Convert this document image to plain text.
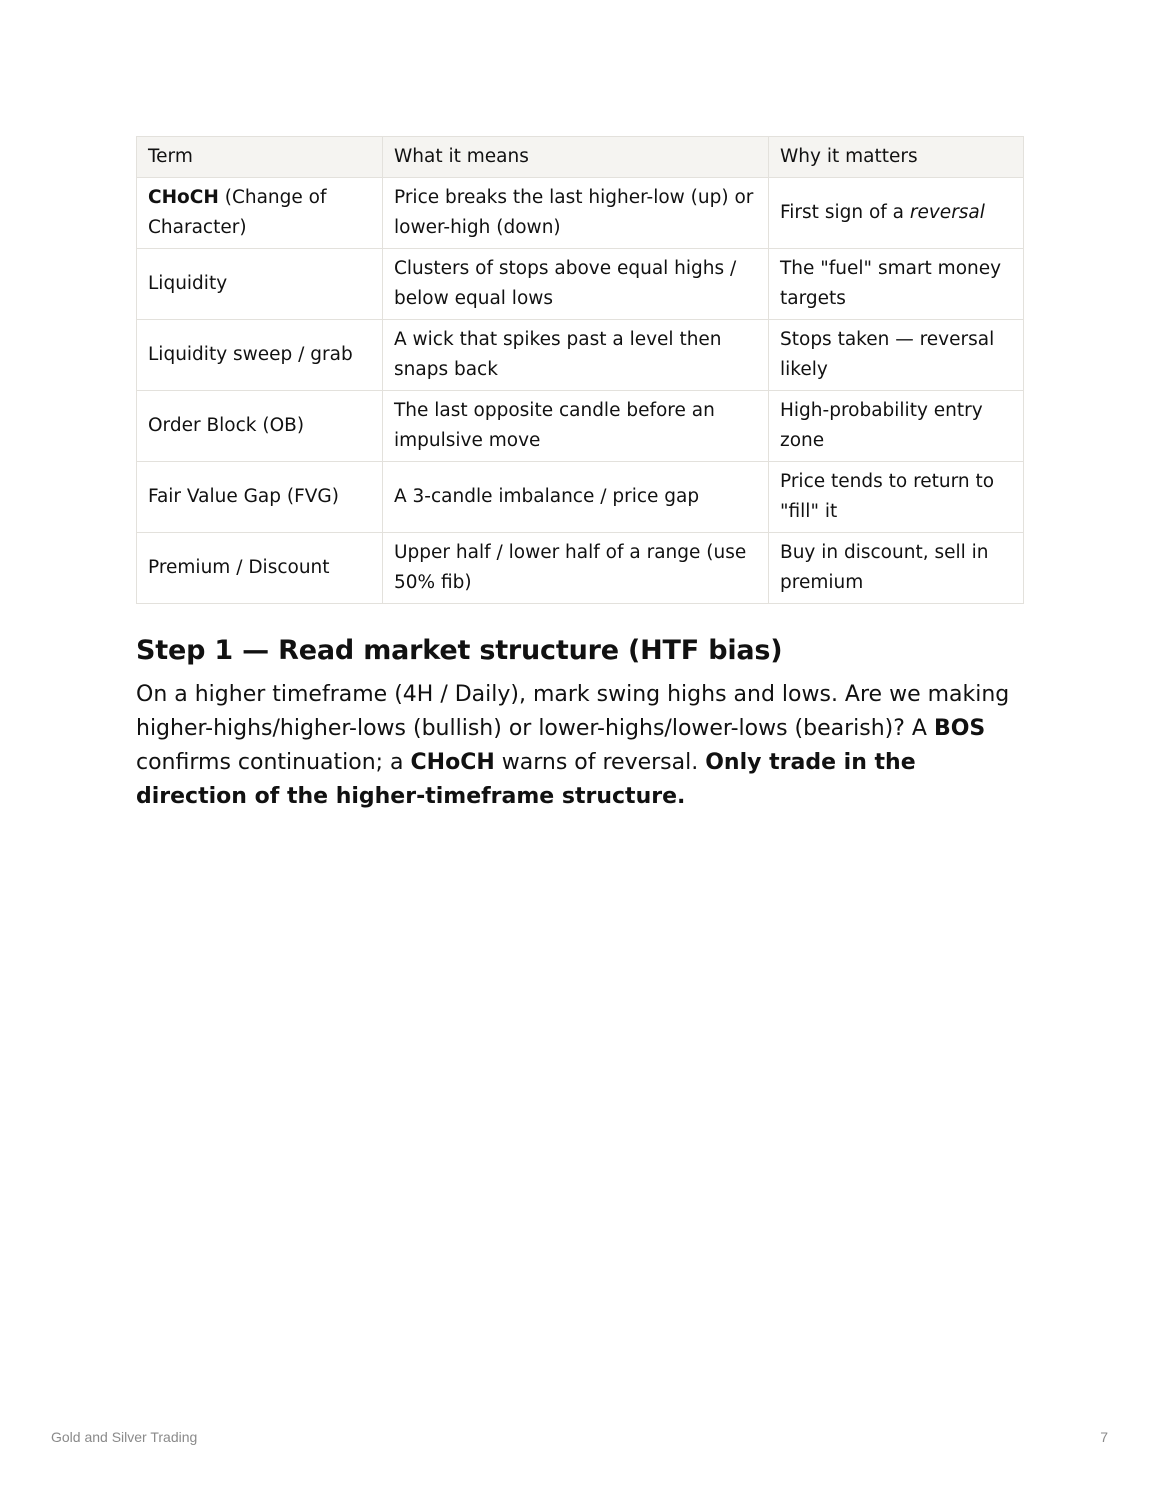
Term	What it means	Why it matters
CHoCH (Change of Character)	Price breaks the last higher-low (up) or lower-high (down)	First sign of a reversal
Liquidity	Clusters of stops above equal highs / below equal lows	The "fuel" smart money targets
Liquidity sweep / grab	A wick that spikes past a level then snaps back	Stops taken — reversal likely
Order Block (OB)	The last opposite candle before an impulsive move	High-probability entry zone
Fair Value Gap (FVG)	A 3-candle imbalance / price gap	Price tends to return to "fill" it
Premium / Discount	Upper half / lower half of a range (use 50% fib)	Buy in discount, sell in premium
Step 1 — Read market structure (HTF bias)

On a higher timeframe (4H / Daily), mark swing highs and lows. Are we making higher-highs/higher-lows (bullish) or lower-highs/lower-lows (bearish)? A BOS confirms continuation; a CHoCH warns of reversal. Only trade in the direction of the higher-timeframe structure.

Gold and Silver Trading	7
